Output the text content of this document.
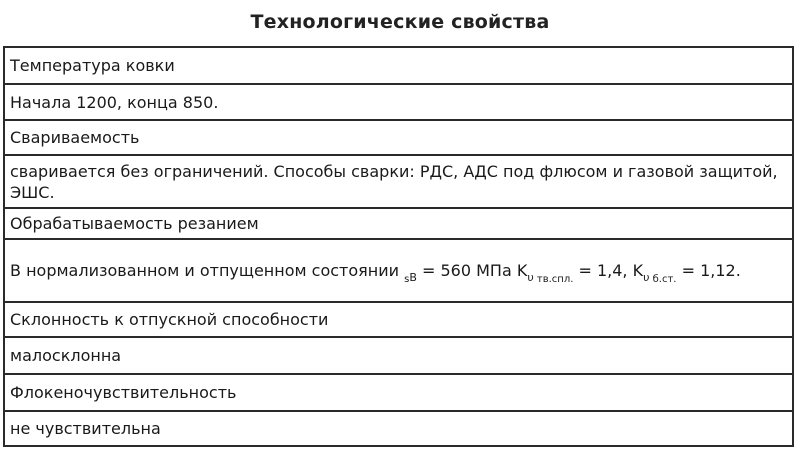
Технологические свойства
Температура ковки
Начала 1200, конца 850.
Свариваемость
сваривается без ограничений. Способы сварки: РДС, АДС под флюсом и газовой защитой, ЭШС.
Обрабатываемость резанием
В нормализованном и отпущенном состоянии $_{sB}$ = 560 МПа $K_\upsilon$ $_{тв.спл.}$ = 1,4, $K_\upsilon$ $_{б.ст.}$ = 1,12.
Склонность к отпускной способности
малосклонна
Флокеночувствительность
не чувствительна
